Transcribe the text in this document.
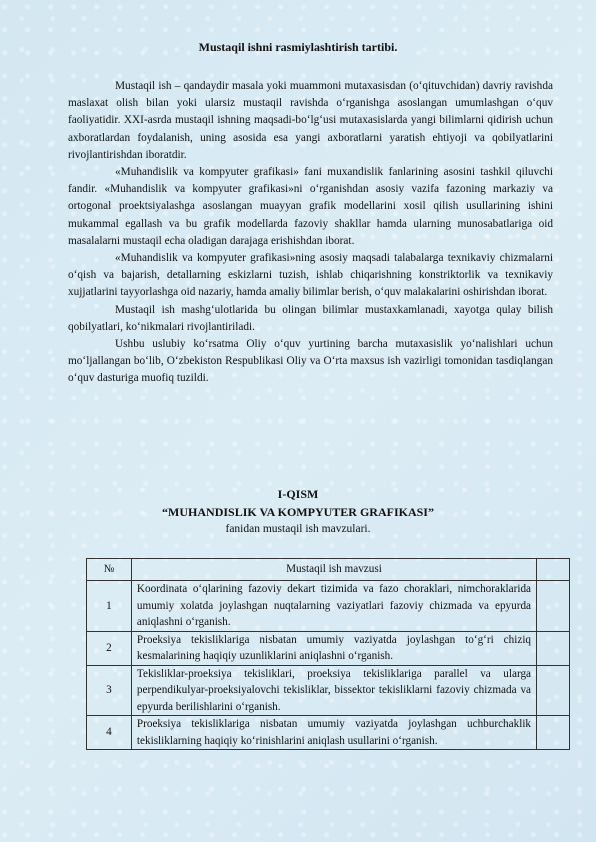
Mustaqil ishni rasmiylashtirish tartibi.

Mustaqil ish – qandaydir masala yoki muammoni mutaxasisdan (o‘qituvchidan) davriy ravishda maslaxat olish bilan yoki ularsiz mustaqil ravishda o‘rganishga asoslangan umumlashgan o‘quv faoliyatidir. XXI-asrda mustaqil ishning maqsadi-bo‘lg‘usi mutaxasislarda yangi bilimlarni qidirish uchun axboratlardan foydalanish, uning asosida esa yangi axboratlarni yaratish ehtiyoji va qobilyatlarini rivojlantirishdan iboratdir.

«Muhandislik va kompyuter grafikasi» fani muxandislik fanlarining asosini tashkil qiluvchi fandir. «Muhandislik va kompyuter grafikasi»ni o‘rganishdan asosiy vazifa fazoning markaziy va ortogonal proektsiyalashga asoslangan muayyan grafik modellarini xosil qilish usullarining ishini mukammal egallash va bu grafik modellarda fazoviy shakllar hamda ularning munosabatlariga oid masalalarni mustaqil echa oladigan darajaga erishishdan iborat.

«Muhandislik va kompyuter grafikasi»ning asosiy maqsadi talabalarga texnikaviy chizmalarni o‘qish va bajarish, detallarning eskizlarni tuzish, ishlab chiqarishning konstriktorlik va texnikaviy xujjatlarini tayyorlashga oid nazariy, hamda amaliy bilimlar berish, o‘quv malakalarini oshirishdan iborat.

Mustaqil ish mashg‘ulotlarida bu olingan bilimlar mustaxkamlanadi, xayotga qulay bilish qobilyatlari, ko‘nikmalari rivojlantiriladi.

Ushbu uslubiy ko‘rsatma Oliy o‘quv yurtining barcha mutaxasislik yo‘nalishlari uchun mo‘ljallangan bo‘lib, O‘zbekiston Respublikasi Oliy va O‘rta maxsus ish vazirligi tomonidan tasdiqlangan o‘quv dasturiga muofiq tuzildi.

I-QISM
“MUHANDISLIK VA KOMPYUTER GRAFIKASI”
fanidan mustaqil ish mavzulari.
№	Mustaqil ish mavzusi	
1	Koordinata o‘qlarining fazoviy dekart tizimida va fazo choraklari, nimchoraklarida umumiy xolatda joylashgan nuqtalarning vaziyatlari fazoviy chizmada va epyurda aniqlashni o‘rganish.	
2	Proeksiya tekisliklariga nisbatan umumiy vaziyatda joylashgan to‘g‘ri chiziq kesmalarining haqiqiy uzunliklarini aniqlashni o‘rganish.	
3	Tekisliklar-proeksiya tekisliklari, proeksiya tekisliklariga parallel va ularga perpendikulyar-proeksiyalovchi tekisliklar, bissektor tekisliklarni fazoviy chizmada va epyurda berilishlarini o‘rganish.	
4	Proeksiya tekisliklariga nisbatan umumiy vaziyatda joylashgan uchburchaklik tekisliklarning haqiqiy ko‘rinishlarini aniqlash usullarini o‘rganish.	
